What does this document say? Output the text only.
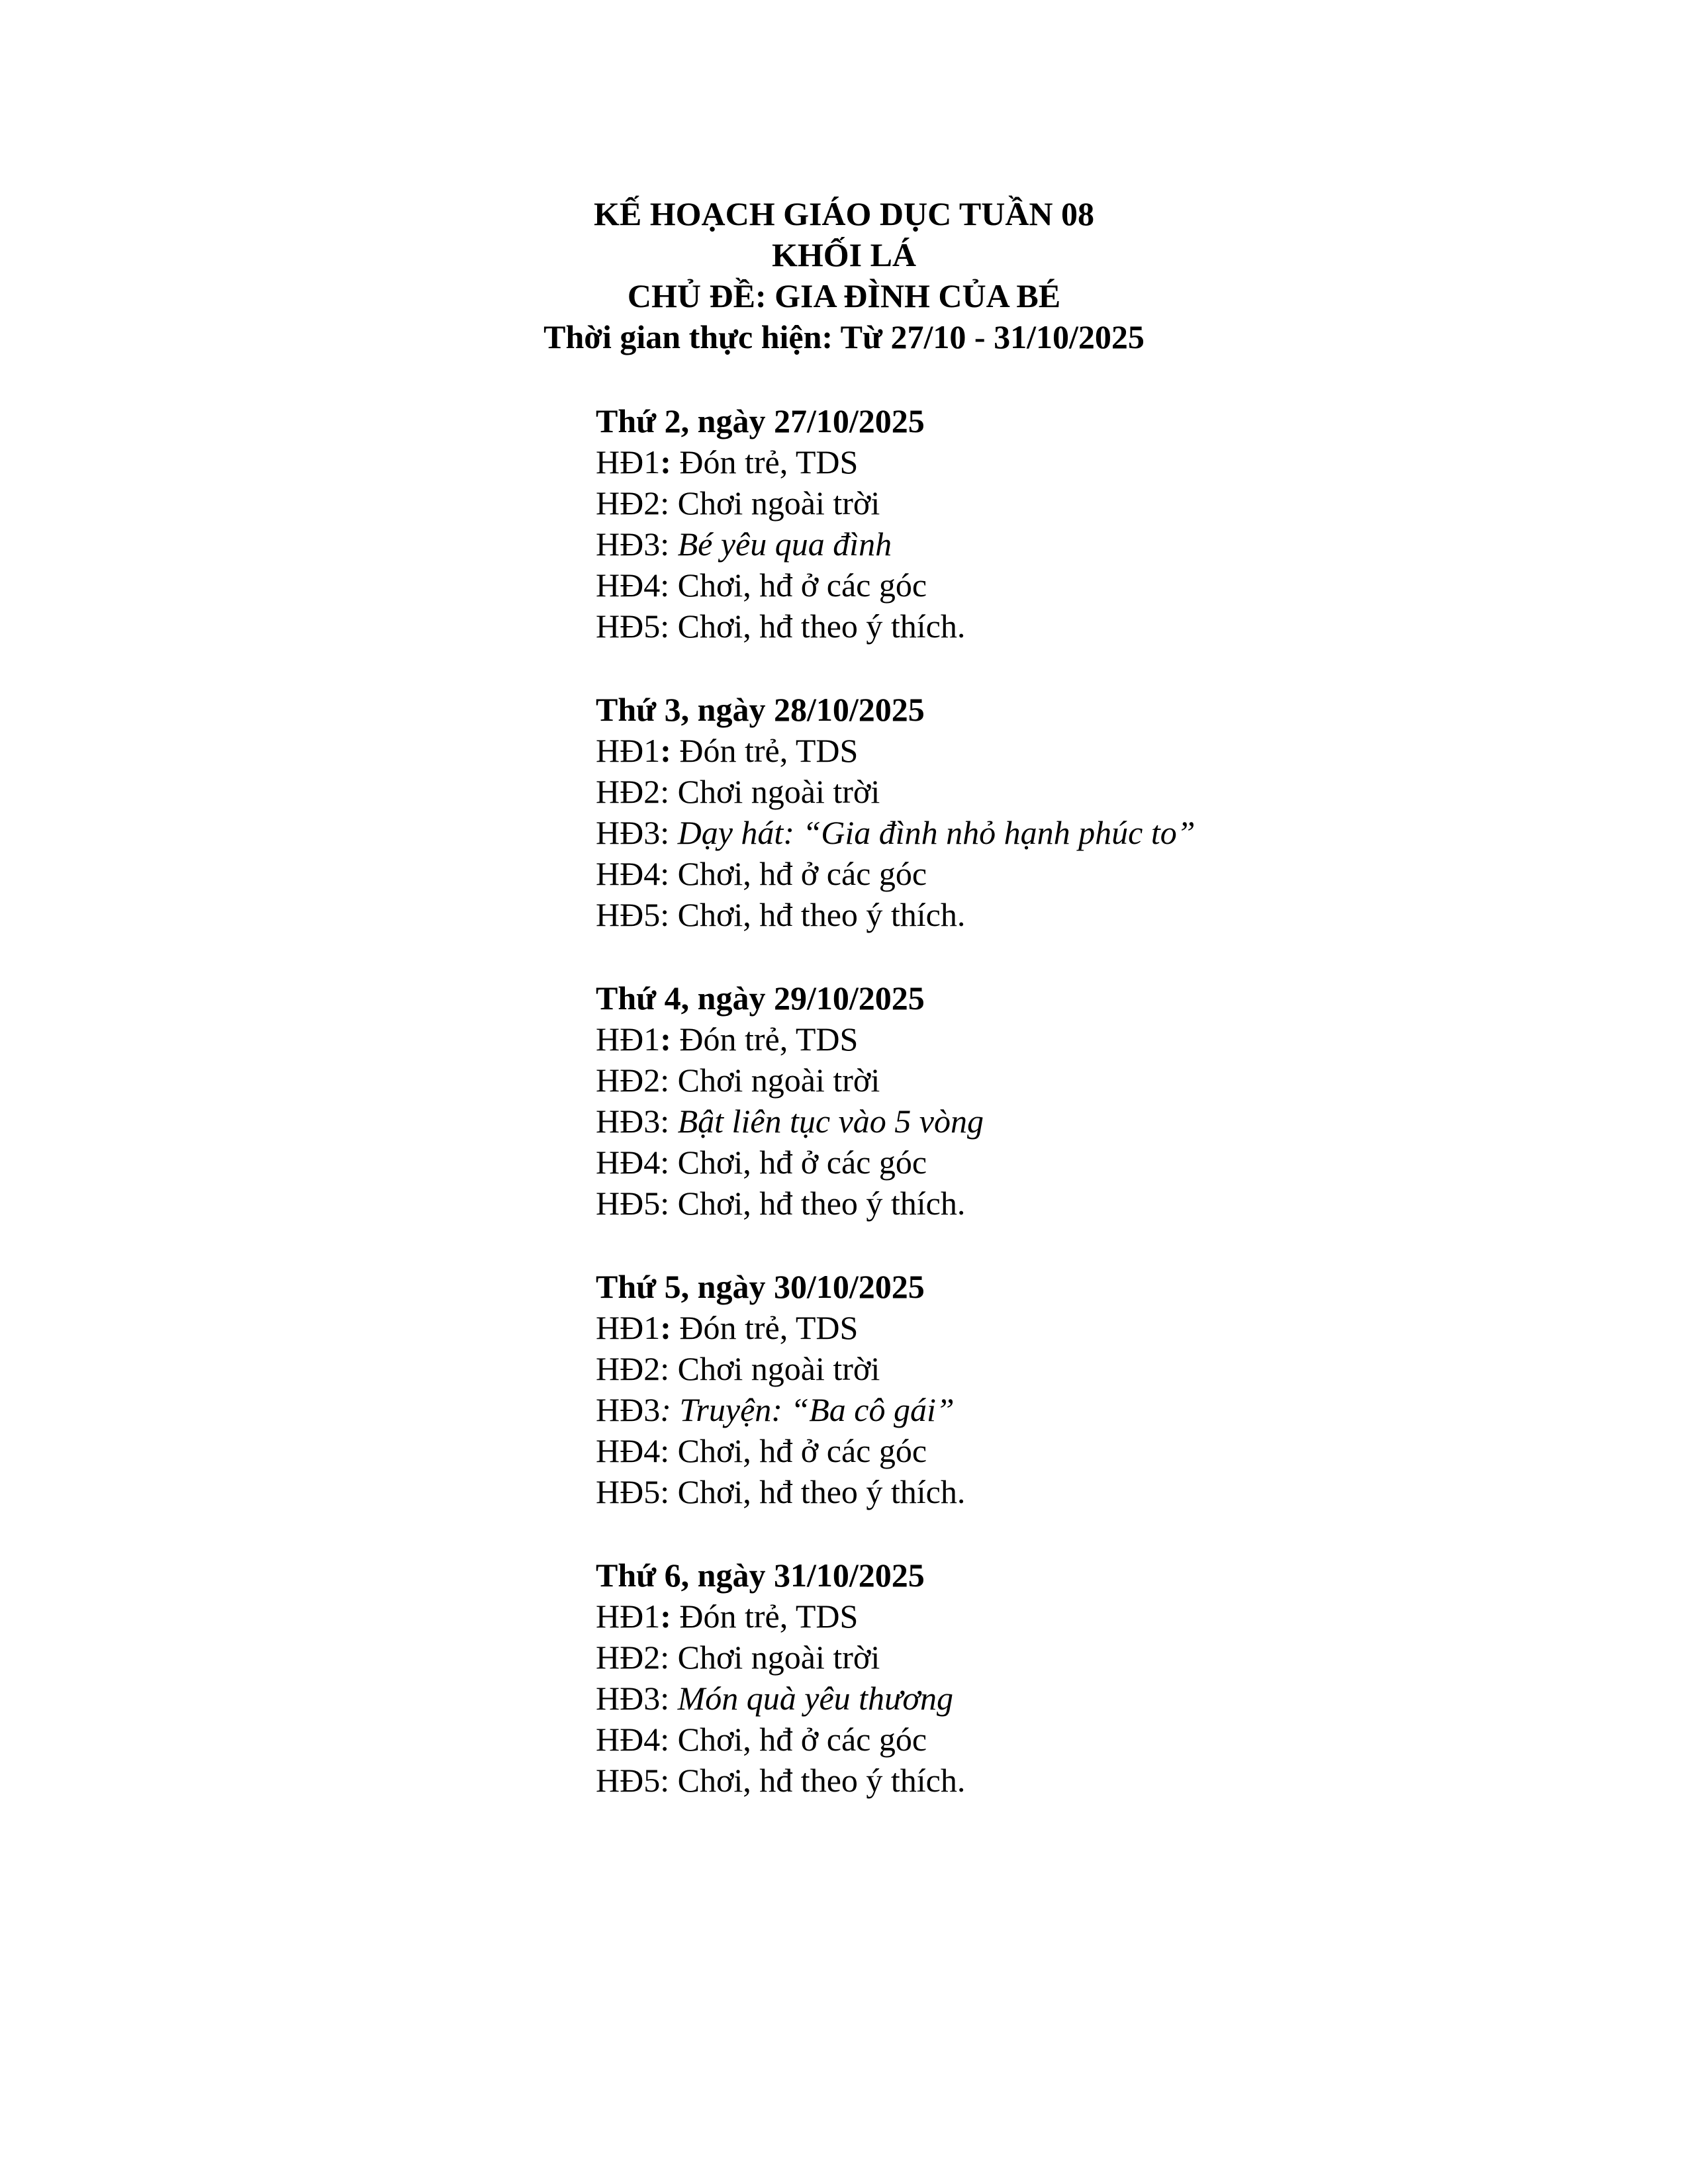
KẾ HOẠCH GIÁO DỤC TUẦN 08
KHỐI LÁ
CHỦ ĐỀ: GIA ĐÌNH CỦA BÉ
Thời gian thực hiện: Từ 27/10 - 31/10/2025
Thứ 2, ngày 27/10/2025
HĐ1: Đón trẻ, TDS
HĐ2: Chơi ngoài trời
HĐ3: Bé yêu qua đình
HĐ4: Chơi, hđ ở các góc
HĐ5: Chơi, hđ theo ý thích.
Thứ 3, ngày 28/10/2025
HĐ1: Đón trẻ, TDS
HĐ2: Chơi ngoài trời
HĐ3: Dạy hát: “Gia đình nhỏ hạnh phúc to”
HĐ4: Chơi, hđ ở các góc
HĐ5: Chơi, hđ theo ý thích.
Thứ 4, ngày 29/10/2025
HĐ1: Đón trẻ, TDS
HĐ2: Chơi ngoài trời
HĐ3: Bật liên tục vào 5 vòng
HĐ4: Chơi, hđ ở các góc
HĐ5: Chơi, hđ theo ý thích.
Thứ 5, ngày 30/10/2025
HĐ1: Đón trẻ, TDS
HĐ2: Chơi ngoài trời
HĐ3: Truyện: “Ba cô gái”
HĐ4: Chơi, hđ ở các góc
HĐ5: Chơi, hđ theo ý thích.
Thứ 6, ngày 31/10/2025
HĐ1: Đón trẻ, TDS
HĐ2: Chơi ngoài trời
HĐ3: Món quà yêu thương
HĐ4: Chơi, hđ ở các góc
HĐ5: Chơi, hđ theo ý thích.
